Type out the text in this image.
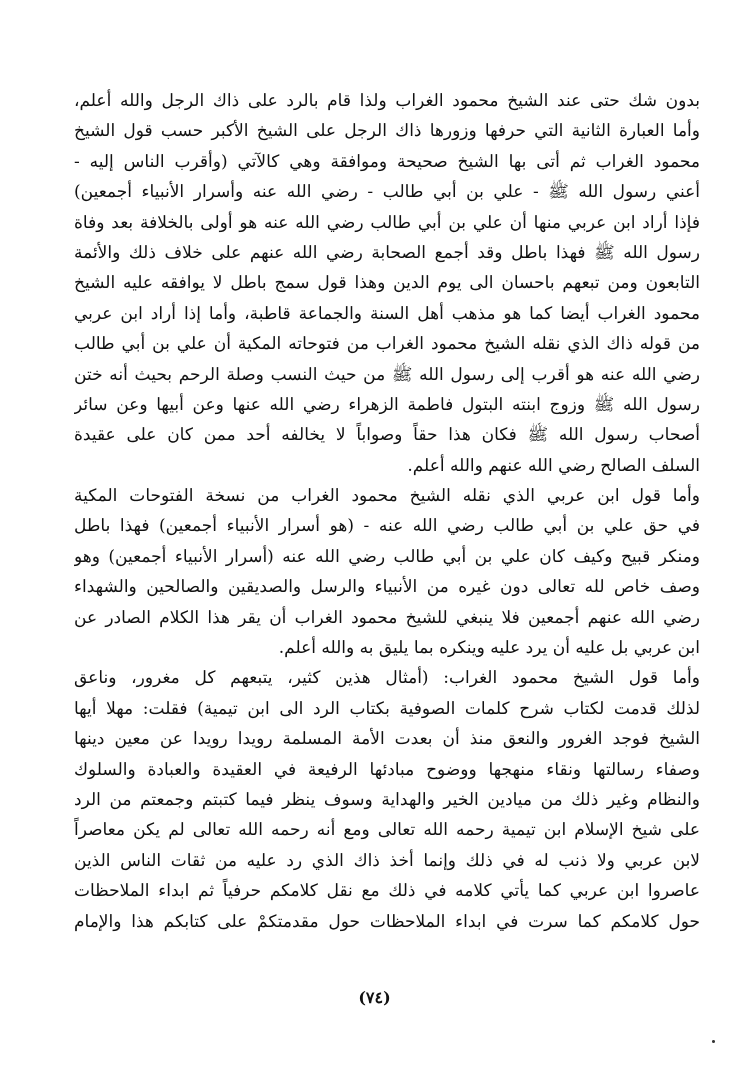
بدون شك حتى عند الشيخ محمود الغراب ولذا قام بالرد على ذاك الرجل والله أعلم،
وأما العبارة الثانية التي حرفها وزورها ذاك الرجل على الشيخ الأكبر حسب قول الشيخ
محمود الغراب ثم أتى بها الشيخ صحيحة وموافقة وهي كالآتي (وأقرب الناس إليه -
أعني رسول الله ﷺ - علي بن أبي طالب - رضي الله عنه وأسرار الأنبياء أجمعين)
فإذا أراد ابن عربي منها أن علي بن أبي طالب رضي الله عنه هو أولى بالخلافة بعد وفاة
رسول الله ﷺ فهذا باطل وقد أجمع الصحابة رضي الله عنهم على خلاف ذلك والأئمة
التابعون ومن تبعهم باحسان الى يوم الدين وهذا قول سمج باطل لا يوافقه عليه الشيخ
محمود الغراب أيضا كما هو مذهب أهل السنة والجماعة قاطبة، وأما إذا أراد ابن عربي
من قوله ذاك الذي نقله الشيخ محمود الغراب من فتوحاته المكية أن علي بن أبي طالب
رضي الله عنه هو أقرب إلى رسول الله ﷺ من حيث النسب وصلة الرحم بحيث أنه ختن
رسول الله ﷺ وزوج ابنته البتول فاطمة الزهراء رضي الله عنها وعن أبيها وعن سائر
أصحاب رسول الله ﷺ فكان هذا حقاً وصواباً لا يخالفه أحد ممن كان على عقيدة
السلف الصالح رضي الله عنهم والله أعلم.
وأما قول ابن عربي الذي نقله الشيخ محمود الغراب من نسخة الفتوحات المكية
في حق علي بن أبي طالب رضي الله عنه - (هو أسرار الأنبياء أجمعين) فهذا باطل
ومنكر قبيح وكيف كان علي بن أبي طالب رضي الله عنه (أسرار الأنبياء أجمعين) وهو
وصف خاص لله تعالى دون غيره من الأنبياء والرسل والصديقين والصالحين والشهداء
رضي الله عنهم أجمعين فلا ينبغي للشيخ محمود الغراب أن يقر هذا الكلام الصادر عن
ابن عربي بل عليه أن يرد عليه وينكره بما يليق به والله أعلم.
وأما قول الشيخ محمود الغراب: (أمثال هذين كثير، يتبعهم كل مغرور، وناعق
لذلك قدمت لكتاب شرح كلمات الصوفية بكتاب الرد الى ابن تيمية) فقلت: مهلا أيها
الشيخ فوجد الغرور والنعق منذ أن بعدت الأمة المسلمة رويدا رويدا عن معين دينها
وصفاء رسالتها ونقاء منهجها ووضوح مبادئها الرفيعة في العقيدة والعبادة والسلوك
والنظام وغير ذلك من ميادين الخير والهداية وسوف ينظر فيما كتبتم وجمعتم من الرد
على شيخ الإسلام ابن تيمية رحمه الله تعالى ومع أنه رحمه الله تعالى لم يكن معاصراً
لابن عربي ولا ذنب له في ذلك وإنما أخذ ذاك الذي رد عليه من ثقات الناس الذين
عاصروا ابن عربي كما يأتي كلامه في ذلك مع نقل كلامكم حرفياً ثم ابداء الملاحظات
حول كلامكم كما سرت في ابداء الملاحظات حول مقدمتكمْ على كتابكم هذا والإمام
(٧٤)
